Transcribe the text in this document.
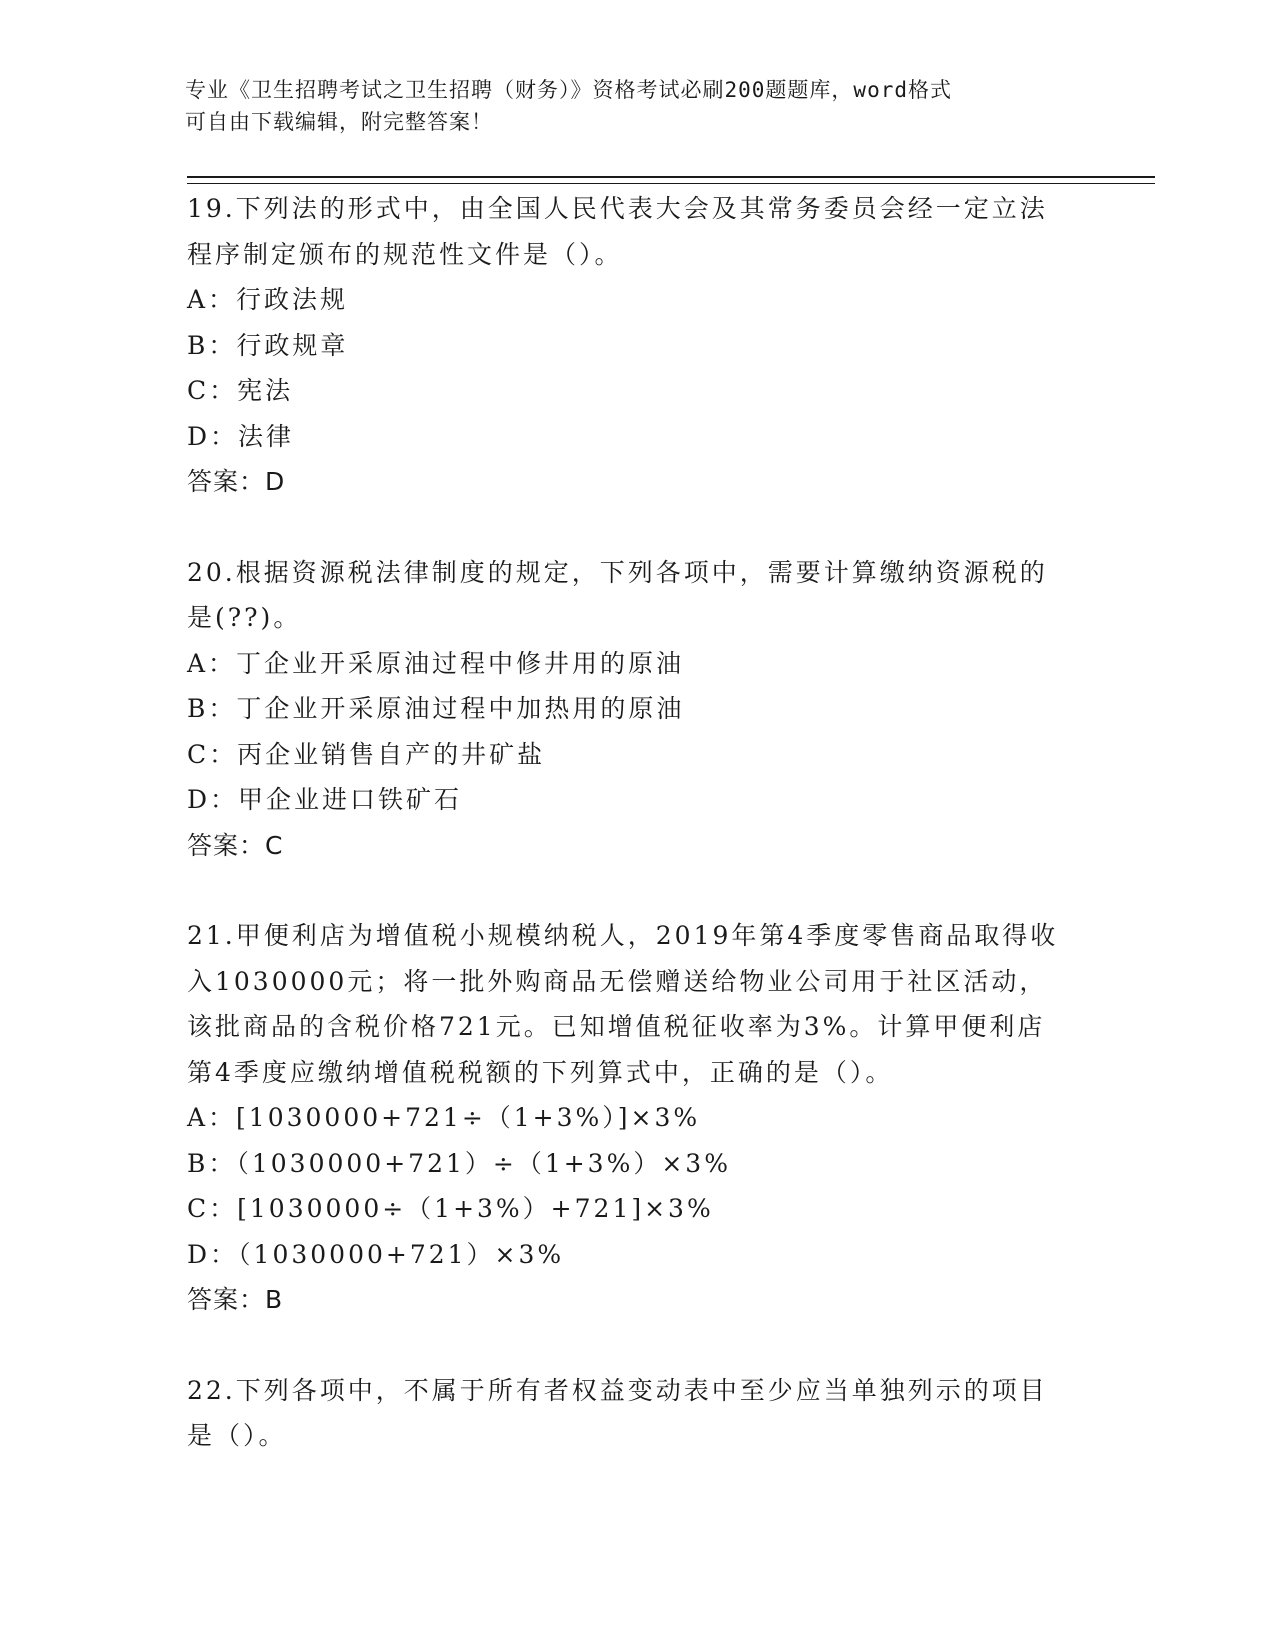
专业《卫生招聘考试之卫生招聘（财务）》资格考试必刷200题题库，word格式
可自由下载编辑，附完整答案！
19.下列法的形式中，由全国人民代表大会及其常务委员会经一定立法
程序制定颁布的规范性文件是（）。
A：行政法规
B：行政规章
C：宪法
D：法律
答案：D
20.根据资源税法律制度的规定，下列各项中，需要计算缴纳资源税的
是(??)。
A：丁企业开采原油过程中修井用的原油
B：丁企业开采原油过程中加热用的原油
C：丙企业销售自产的井矿盐
D：甲企业进口铁矿石
答案：C
21.甲便利店为增值税小规模纳税人，2019年第4季度零售商品取得收
入1030000元；将一批外购商品无偿赠送给物业公司用于社区活动，
该批商品的含税价格721元。已知增值税征收率为3%。计算甲便利店
第4季度应缴纳增值税税额的下列算式中，正确的是（）。
A：[1030000+721÷（1+3%）]×3%
B：（1030000+721）÷（1+3%）×3%
C：[1030000÷（1+3%）+721]×3%
D：（1030000+721）×3%
答案：B
22.下列各项中，不属于所有者权益变动表中至少应当单独列示的项目
是（）。
